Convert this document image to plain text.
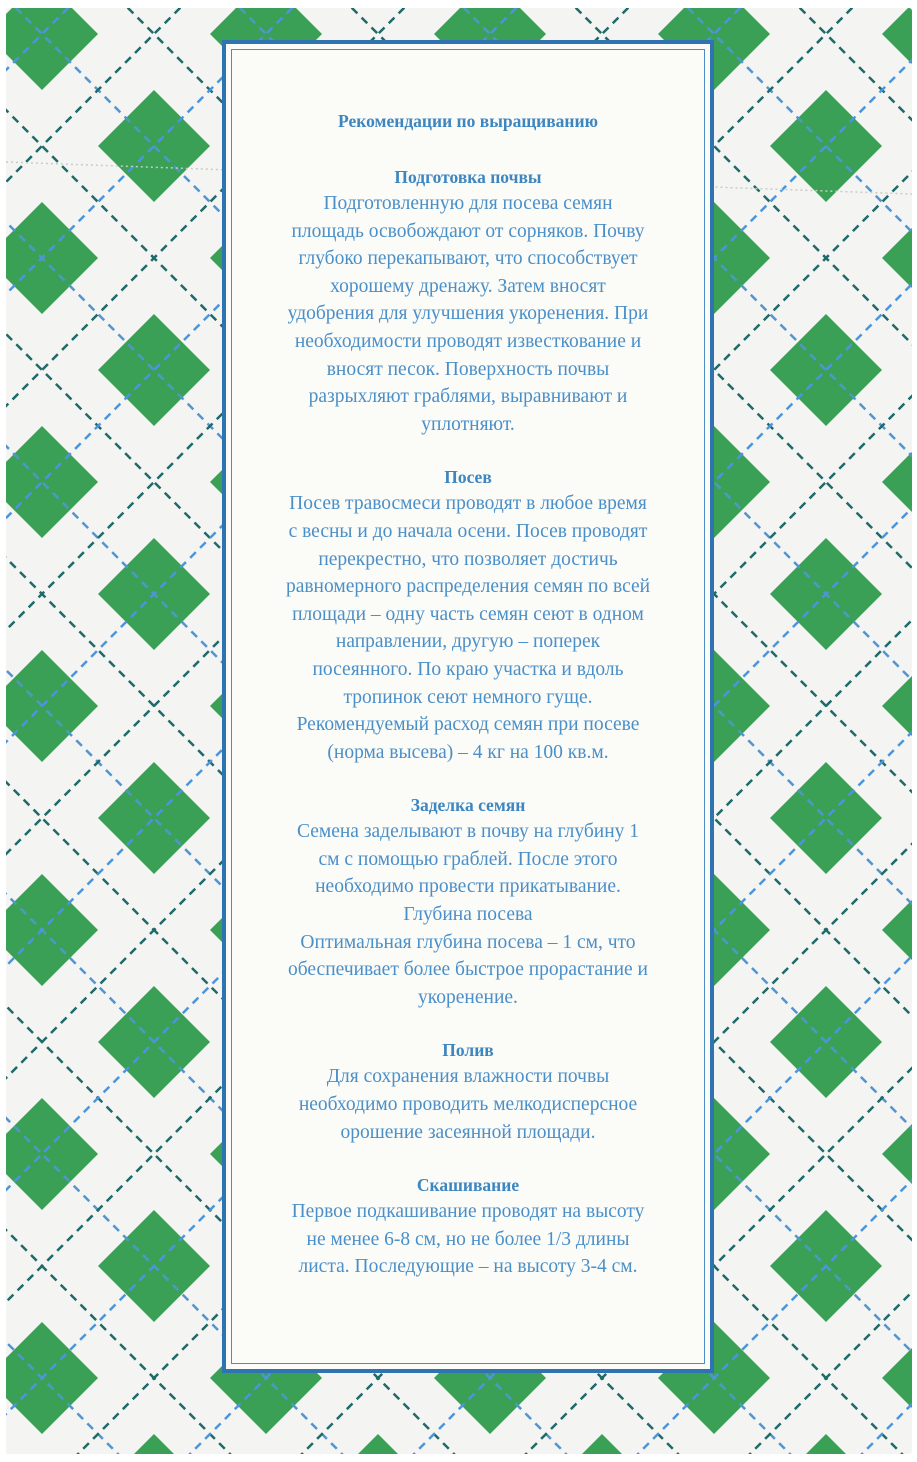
Рекомендации по выращиванию
Подготовка почвы
Подготовленную для посева семян
площадь освобождают от сорняков. Почву
глубоко перекапывают, что способствует
хорошему дренажу. Затем вносят
удобрения для улучшения укоренения. При
необходимости проводят известкование и
вносят песок. Поверхность почвы
разрыхляют граблями, выравнивают и
уплотняют.
Посев
Посев травосмеси проводят в любое время
с весны и до начала осени. Посев проводят
перекрестно, что позволяет достичь
равномерного распределения семян по всей
площади – одну часть семян сеют в одном
направлении, другую – поперек
посеянного. По краю участка и вдоль
тропинок сеют немного гуще.
Рекомендуемый расход семян при посеве
(норма высева) – 4 кг на 100 кв.м.
Заделка семян
Семена заделывают в почву на глубину 1
см с помощью граблей. После этого
необходимо провести прикатывание.
Глубина посева
Оптимальная глубина посева – 1 см, что
обеспечивает более быстрое прорастание и
укоренение.
Полив
Для сохранения влажности почвы
необходимо проводить мелкодисперсное
орошение засеянной площади.
Скашивание
Первое подкашивание проводят на высоту
не менее 6-8 см, но не более 1/3 длины
листа. Последующие – на высоту 3-4 см.
